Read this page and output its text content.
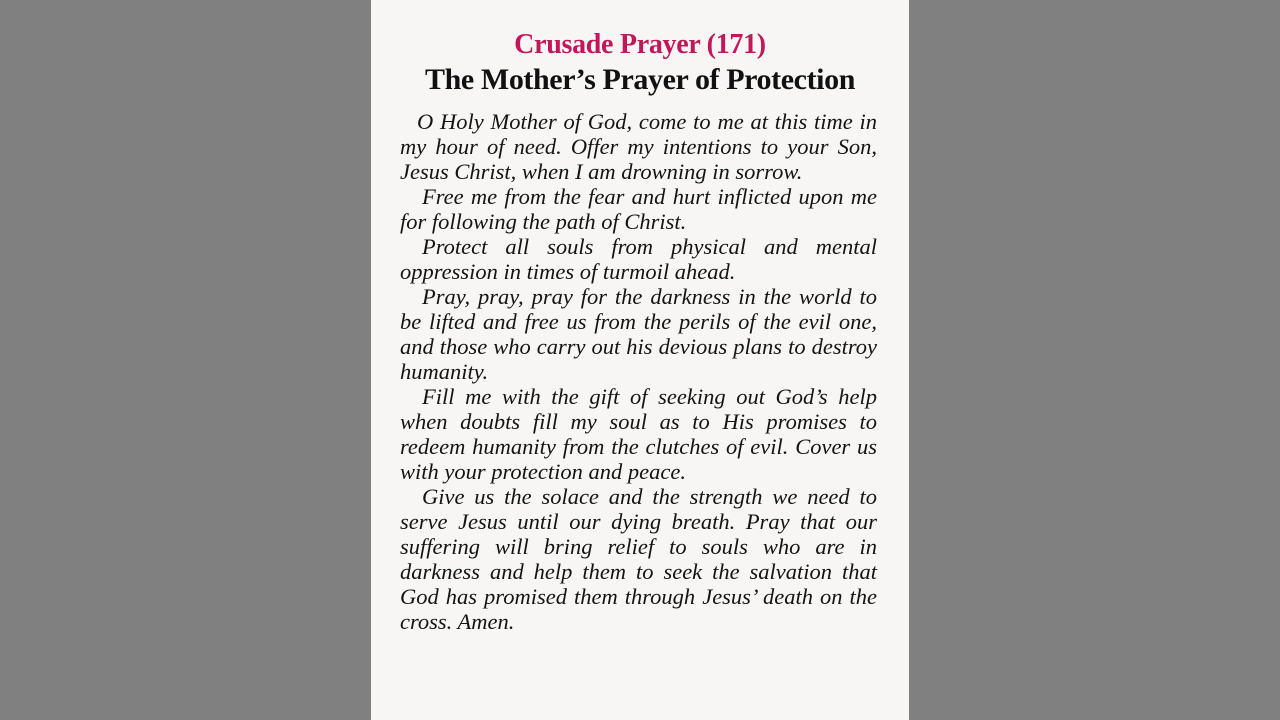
Crusade Prayer (171)
The Mother’s Prayer of Protection

O Holy Mother of God, come to me at this time in my hour of need. Offer my intentions to your Son, Jesus Christ, when I am drowning in sorrow.

Free me from the fear and hurt inflicted upon me for following the path of Christ.

Protect all souls from physical and mental oppression in times of turmoil ahead.

Pray, pray, pray for the darkness in the world to be lifted and free us from the perils of the evil one, and those who carry out his devious plans to destroy humanity.

Fill me with the gift of seeking out God’s help when doubts fill my soul as to His promises to redeem humanity from the clutches of evil. Cover us with your protection and peace.

Give us the solace and the strength we need to serve Jesus until our dying breath. Pray that our suffering will bring relief to souls who are in darkness and help them to seek the salvation that God has promised them through Jesus’ death on the cross. Amen.
